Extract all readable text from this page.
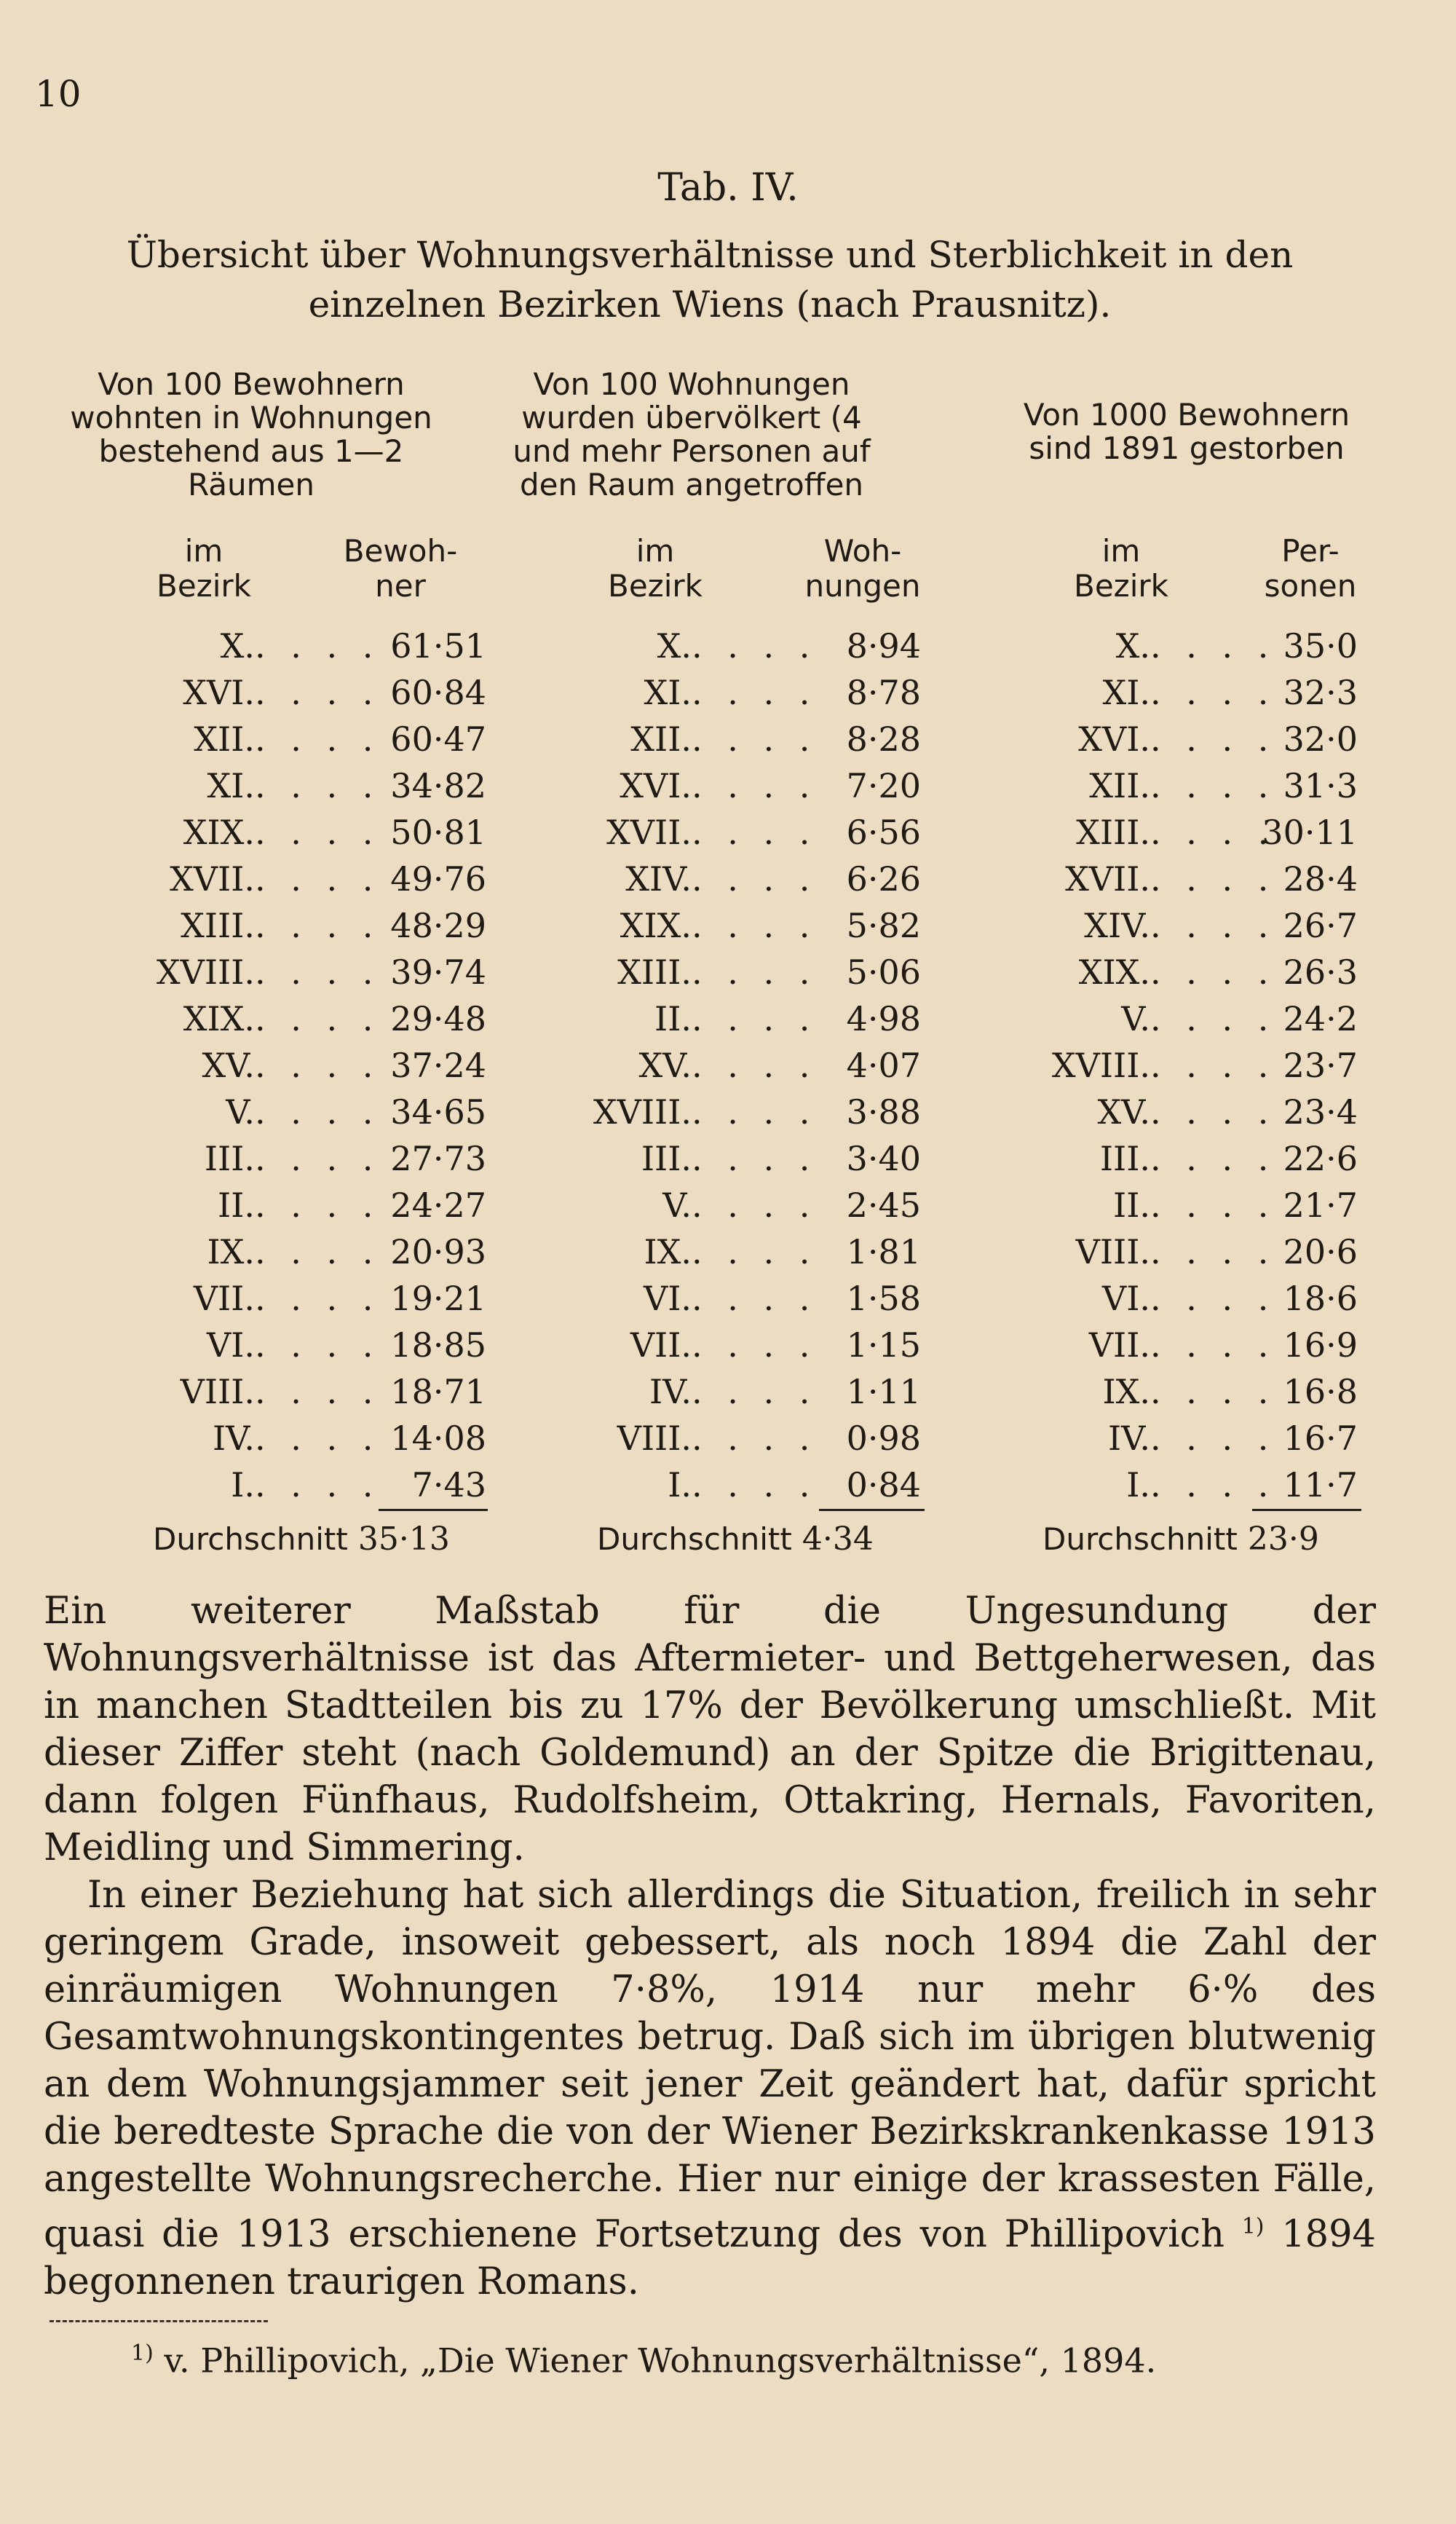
10
Tab. IV.
Übersicht über Wohnungsverhältnisse und Sterblichkeit in den einzelnen Bezirken Wiens (nach Prausnitz).
Von 100 Bewohnern
wohnten in Wohnungen
bestehend aus 1—2
Räumen
Von 100 Wohnungen
wurden übervölkert (4
und mehr Personen auf
den Raum angetroffen
Von 1000 Bewohnern
sind 1891 gestorben
im
Bezirk
Bewoh-
ner
im
Bezirk
Woh-
nungen
im
Bezirk
Per-
sonen
X.. . . . 61·51
XVI.. . . . 60·84
XII.. . . . 60·47
XI.. . . . 34·82
XIX.. . . . 50·81
XVII.. . . . 49·76
XIII.. . . . 48·29
XVIII.. . . . 39·74
XIX.. . . . 29·48
XV.. . . . 37·24
V.. . . . 34·65
III.. . . . 27·73
II.. . . . 24·27
IX.. . . . 20·93
VII.. . . . 19·21
VI.. . . . 18·85
VIII.. . . . 18·71
IV.. . . . 14·08
I.. . . . 7·43
X.. . . . 8·94
XI.. . . . 8·78
XII.. . . . 8·28
XVI.. . . . 7·20
XVII.. . . . 6·56
XIV.. . . . 6·26
XIX.. . . . 5·82
XIII.. . . . 5·06
II.. . . . 4·98
XV.. . . . 4·07
XVIII.. . . . 3·88
III.. . . . 3·40
V.. . . . 2·45
IX.. . . . 1·81
VI.. . . . 1·58
VII.. . . . 1·15
IV.. . . . 1·11
VIII.. . . . 0·98
I.. . . . 0·84
X.. . . . 35·0
XI.. . . . 32·3
XVI.. . . . 32·0
XII.. . . . 31·3
XIII.. . . .
30·11
XVII.. . . . 28·4
XIV.. . . . 26·7
XIX.. . . . 26·3
V.. . . . 24·2
XVIII.. . . . 23·7
XV.. . . . 23·4
III.. . . . 22·6
II.. . . . 21·7
VIII.. . . . 20·6
VI.. . . . 18·6
VII.. . . . 16·9
IX.. . . . 16·8
IV.. . . . 16·7
I.. . . . 11·7
Durchschnitt 35·13	Durchschnitt 4·34	Durchschnitt 23·9

Ein weiterer Maßstab für die Ungesundung der Wohnungsverhältnisse ist das Aftermieter- und Bettgeherwesen, das in manchen Stadtteilen bis zu 17% der Bevölkerung umschließt. Mit dieser Ziffer steht (nach Goldemund) an der Spitze die Brigittenau, dann folgen Fünfhaus, Rudolfsheim, Ottakring, Hernals, Favoriten, Meidling und Simmering.

In einer Beziehung hat sich allerdings die Situation, freilich in sehr geringem Grade, insoweit gebessert, als noch 1894 die Zahl der einräumigen Wohnungen 7·8%, 1914 nur mehr 6·% des Gesamtwohnungskontingentes betrug. Daß sich im übrigen blutwenig an dem Wohnungsjammer seit jener Zeit geändert hat, dafür spricht die beredteste Sprache die von der Wiener Bezirkskrankenkasse 1913 angestellte Wohnungsrecherche. Hier nur einige der krassesten Fälle, quasi die 1913 erschienene Fortsetzung des von Phillipovich $^{1)}$ 1894 begonnenen traurigen Romans.

$^{1)}$ v. Phillipovich, „Die Wiener Wohnungsverhältnisse“, 1894.
